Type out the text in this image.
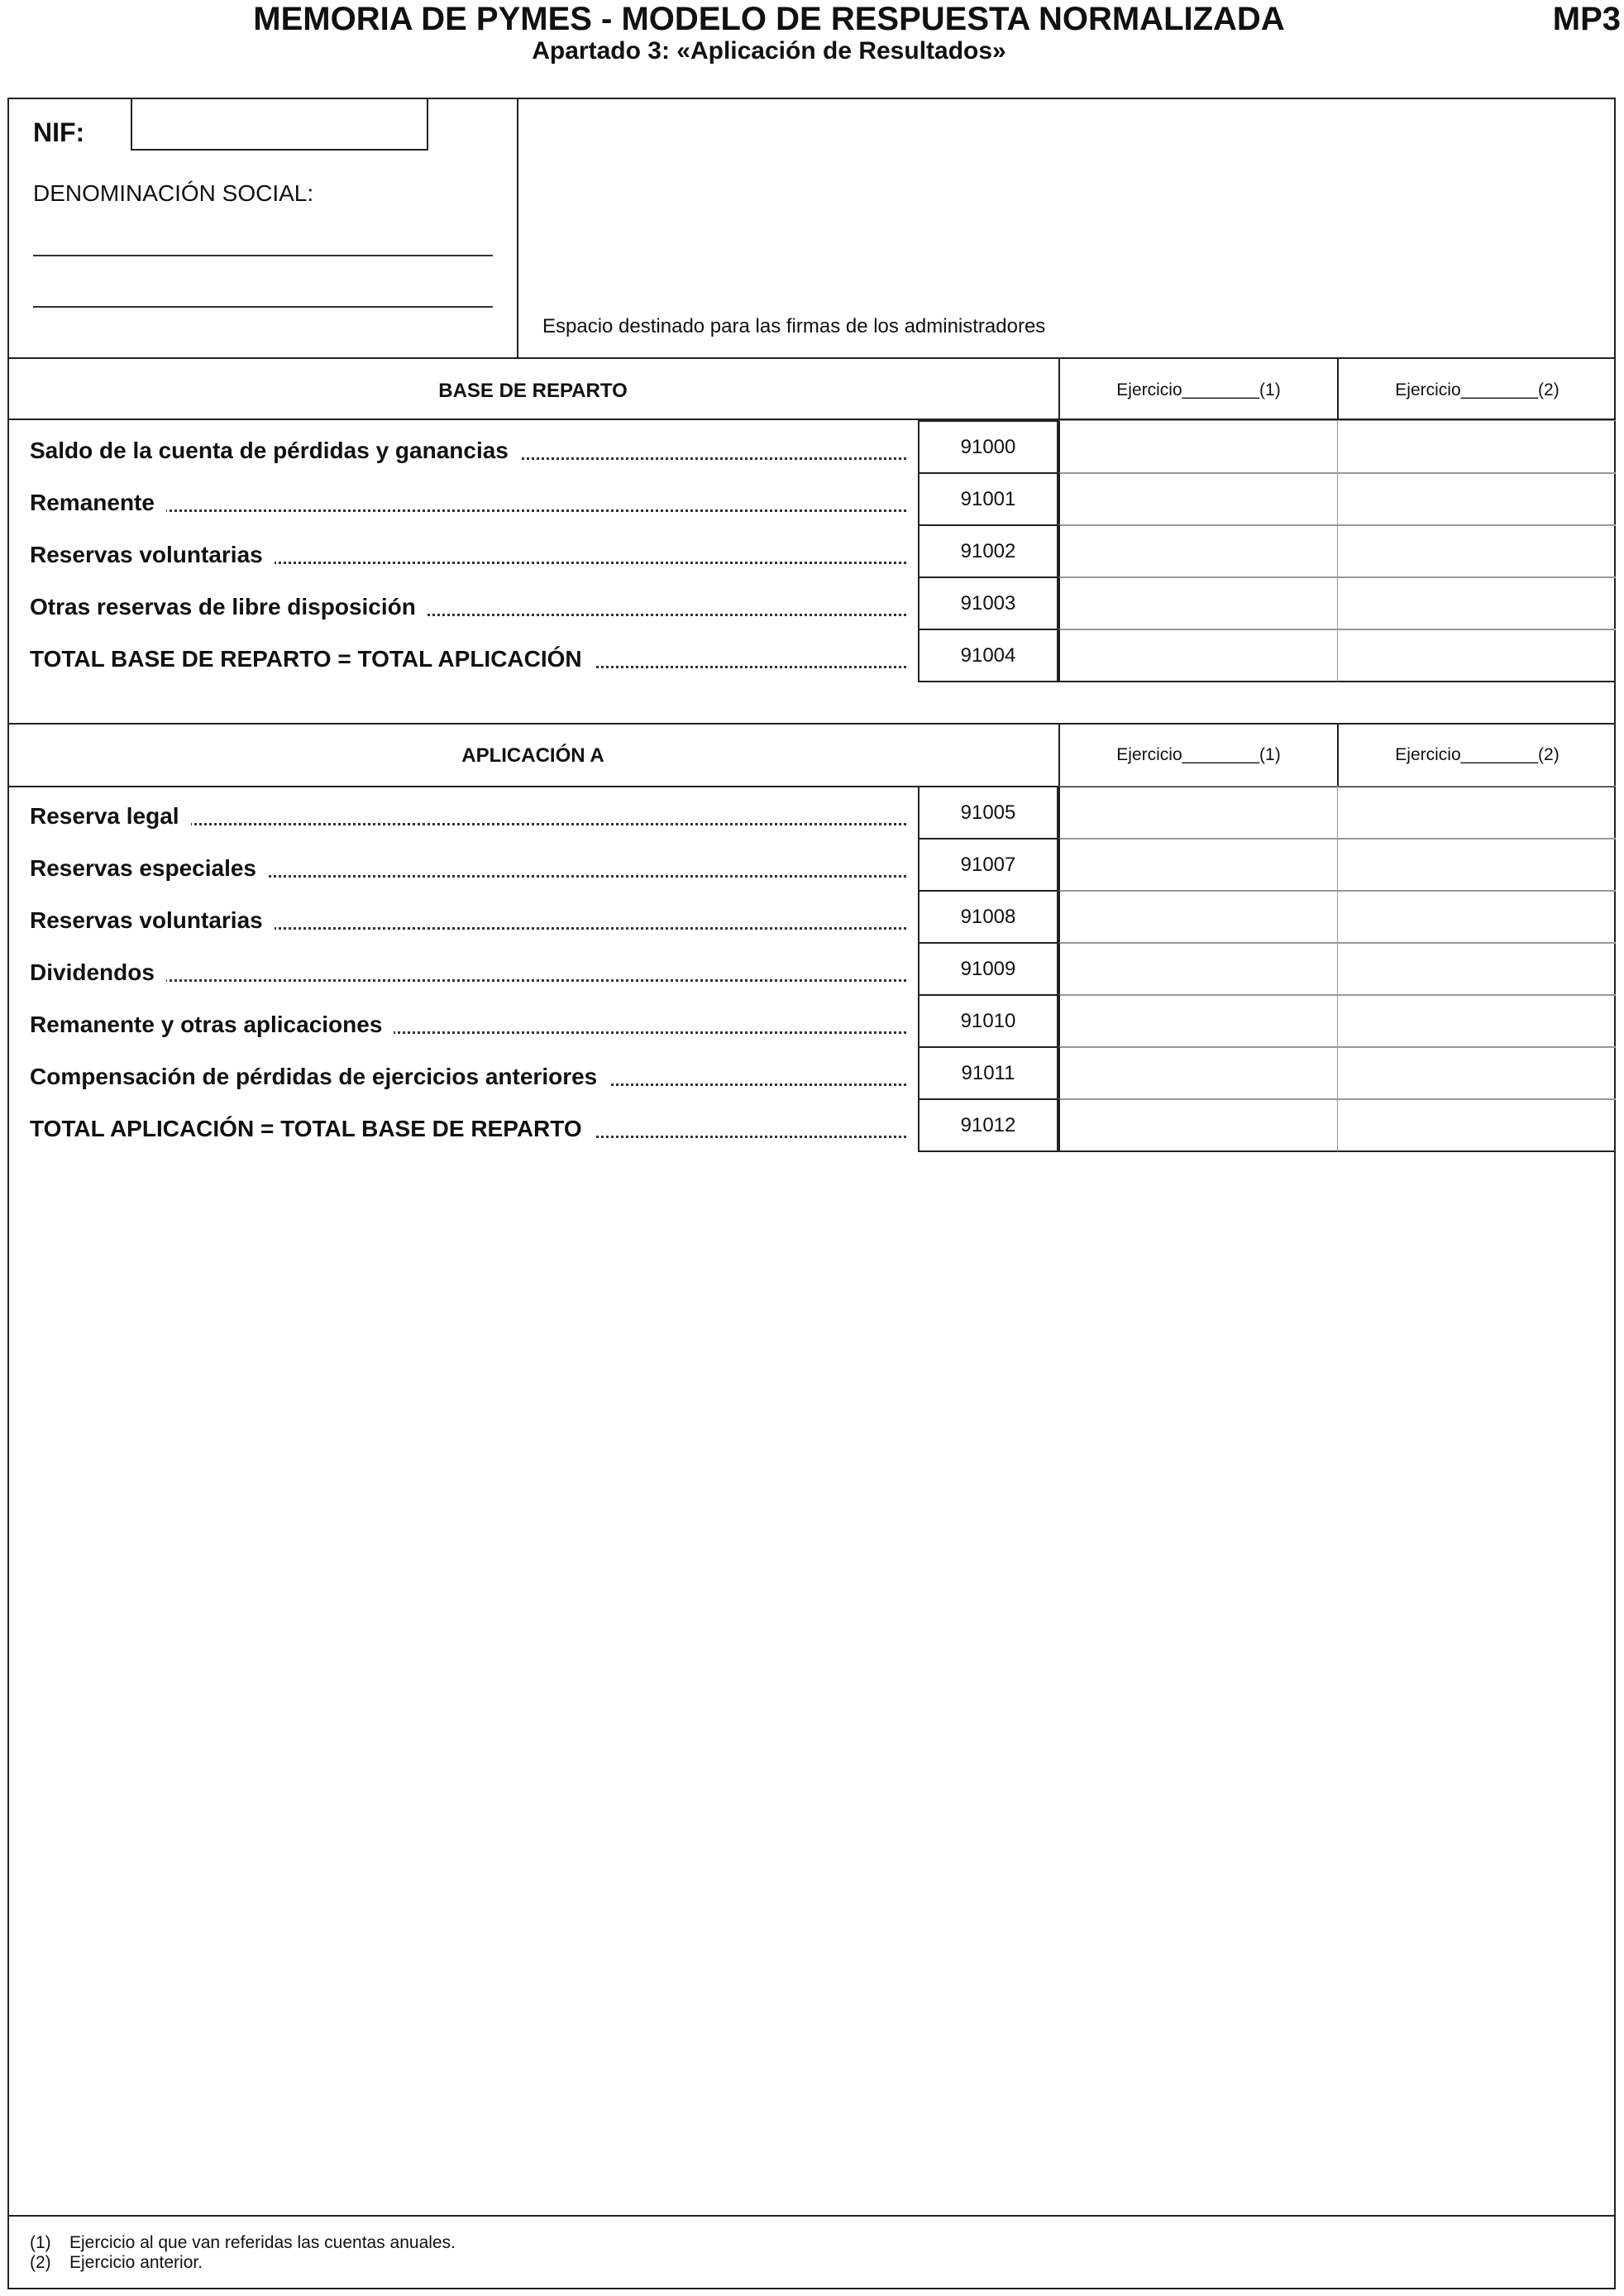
MEMORIA DE PYMES - MODELO DE RESPUESTA NORMALIZADA
Apartado 3: «Aplicación de Resultados»
MP3
NIF:
DENOMINACIÓN SOCIAL:
Espacio destinado para las firmas de los administradores
BASE DE REPARTO	Ejercicio________(1)	Ejercicio________(2)
Saldo de la cuenta de pérdidas y ganancias	91000
Remanente	91001
Reservas voluntarias	91002
Otras reservas de libre disposición	91003
TOTAL BASE DE REPARTO = TOTAL APLICACIÓN	91004
APLICACIÓN A	Ejercicio________(1)	Ejercicio________(2)
Reserva legal	91005
Reservas especiales	91007
Reservas voluntarias	91008
Dividendos	91009
Remanente y otras aplicaciones	91010
Compensación de pérdidas de ejercicios anteriores	91011
TOTAL APLICACIÓN = TOTAL BASE DE REPARTO	91012
(1) Ejercicio al que van referidas las cuentas anuales.
(2) Ejercicio anterior.
